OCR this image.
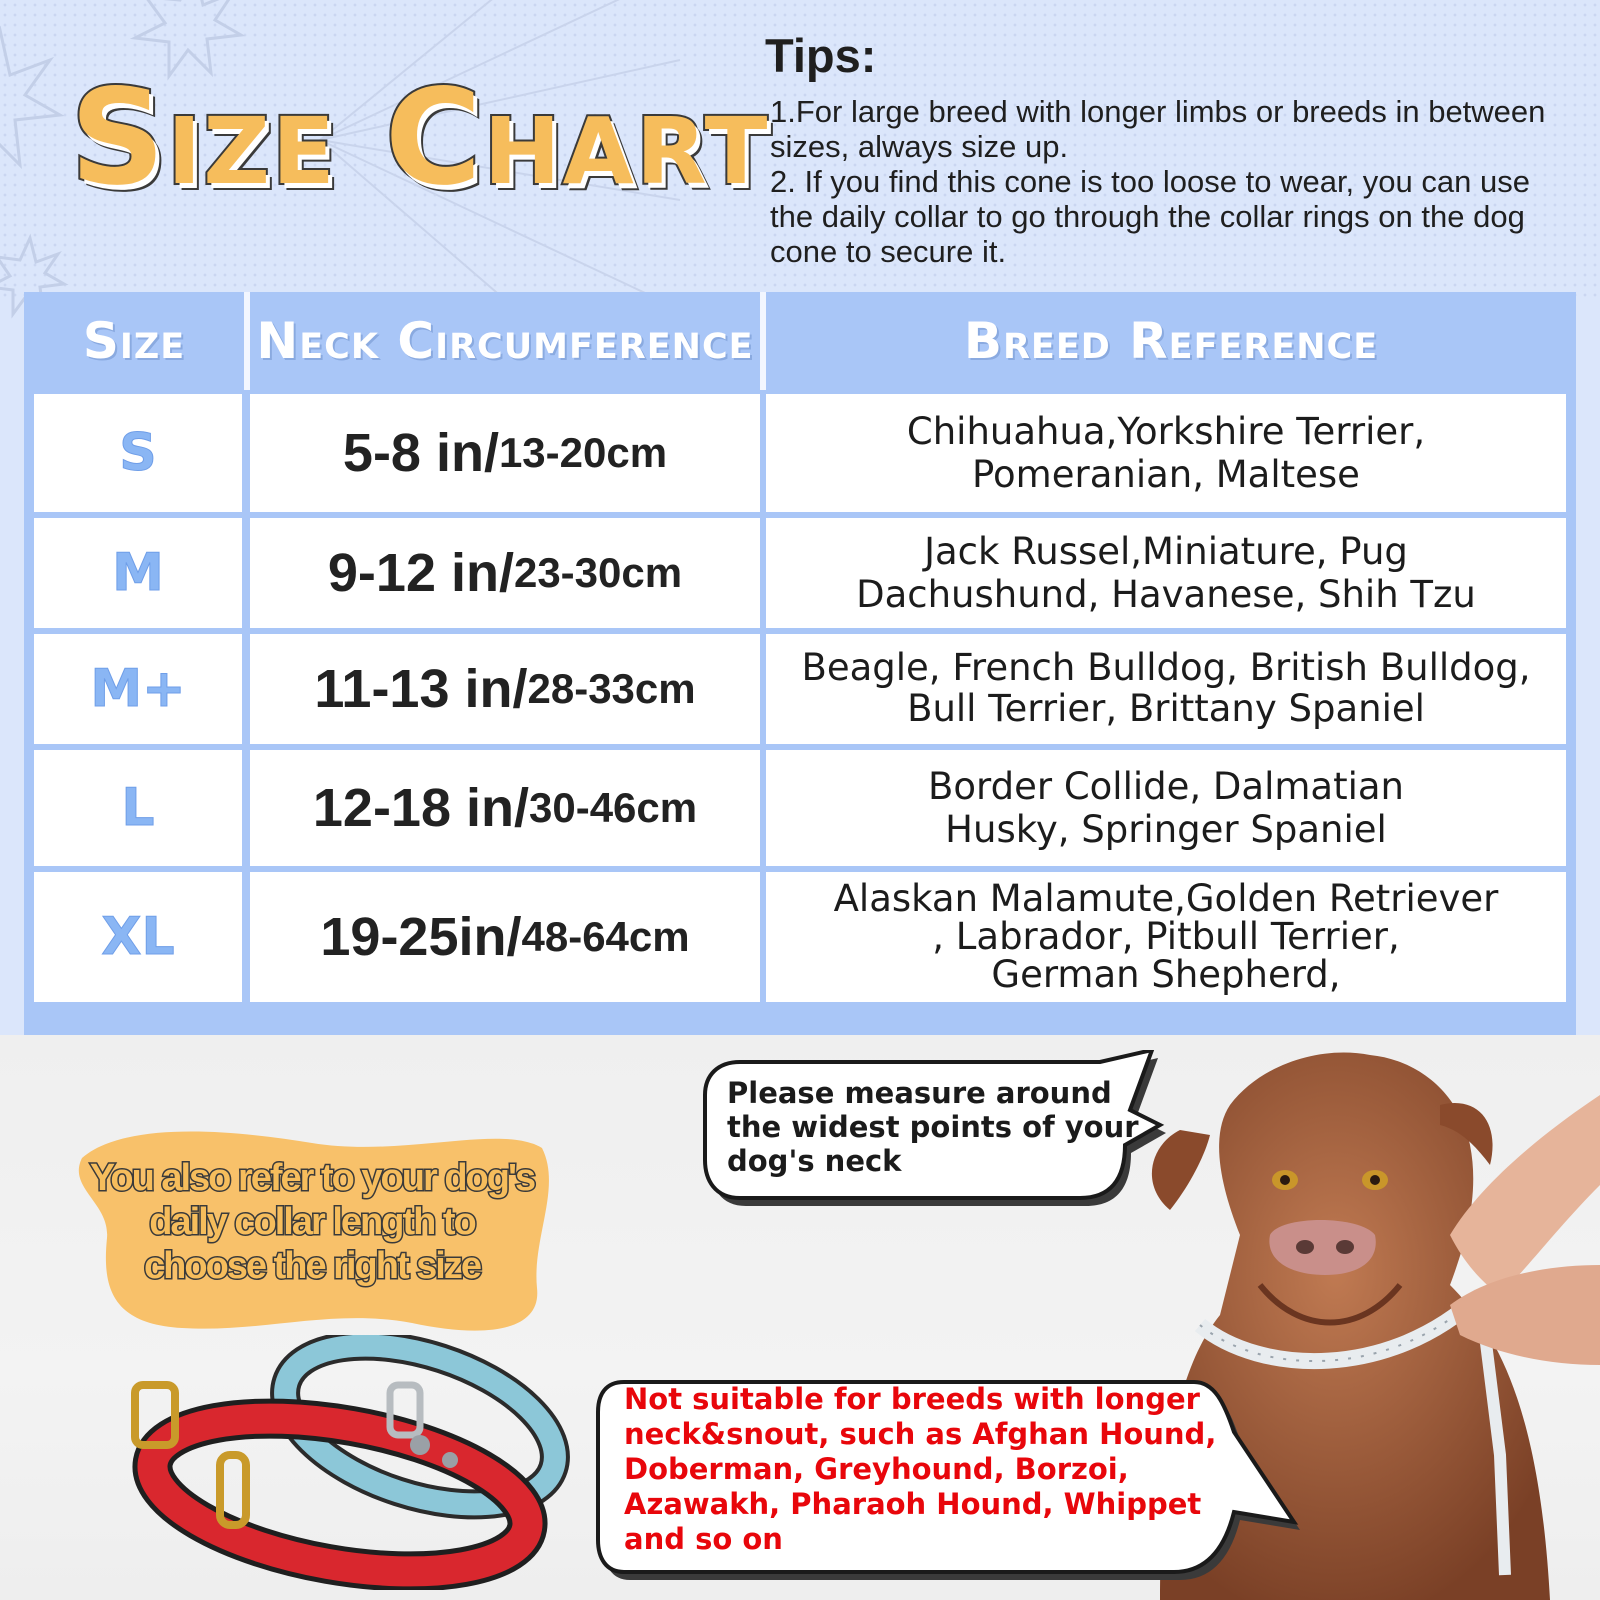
Size Chart
Tips:

1.For large breed with longer limbs or breeds in between sizes, always size up.

2. If you find this cone is too loose to wear, you can use the daily collar to go through the collar rings on the dog cone to secure it.

Size	Neck Circumference	Breed Reference
S	5-8 in/ 13-20cm	Chihuahua,Yorkshire Terrier,
Pomeranian, Maltese
M	9-12 in/ 23-30cm	Jack Russel,Miniature, Pug
Dachushund, Havanese, Shih Tzu
M+	11-13 in/ 28-33cm	Beagle, French Bulldog, British Bulldog,
Bull Terrier, Brittany Spaniel
L	12-18 in/ 30-46cm	Border Collide, Dalmatian
Husky, Springer Spaniel
XL	19-25in/ 48-64cm
Alaskan Malamute,Golden Retriever
, Labrador, Pitbull Terrier,
German Shepherd,
You also refer to your dog's
daily collar length to
choose the right size
Please measure around
the widest points of your
dog's neck
Not suitable for breeds with longer
neck&snout, such as Afghan Hound,
Doberman, Greyhound, Borzoi,
Azawakh, Pharaoh Hound, Whippet
and so on
